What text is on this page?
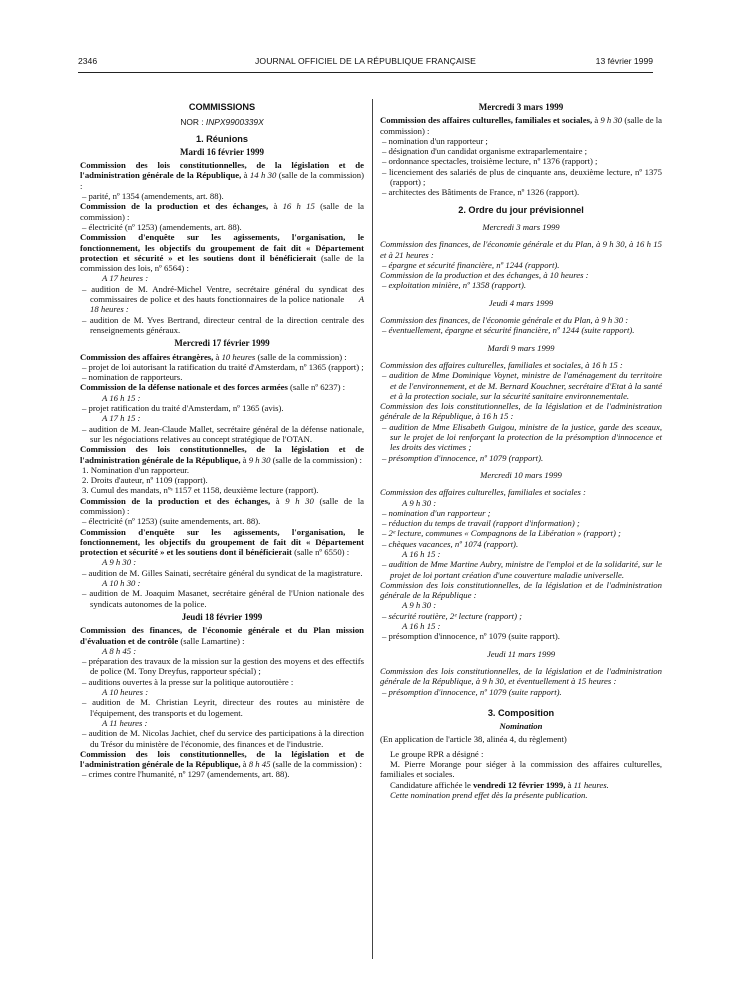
2346	JOURNAL OFFICIEL DE LA RÉPUBLIQUE FRANÇAISE	13 février 1999
COMMISSIONS
NOR : INPX9900339X
1. Réunions
Mardi 16 février 1999

Commission des lois constitutionnelles, de la législation et de l'administration générale de la République, à 14 h 30 (salle de la commission) :

– parité, nº 1354 (amendements, art. 88).

Commission de la production et des échanges, à 16 h 15 (salle de la commission) :

– électricité (nº 1253) (amendements, art. 88).

Commission d'enquête sur les agissements, l'organisation, le fonctionnement, les objectifs du groupement de fait dit « Département protection et sécurité » et les soutiens dont il bénéficierait (salle de la commission des lois, nº 6564) :

A 17 heures :

– audition de M. André-Michel Ventre, secrétaire général du syndicat des commissaires de police et des hauts fonctionnaires de la police nationale A 18 heures :

– audition de M. Yves Bertrand, directeur central de la direction centrale des renseignements généraux.

Mercredi 17 février 1999

Commission des affaires étrangères, à 10 heures (salle de la commission) :

– projet de loi autorisant la ratification du traité d'Amsterdam, nº 1365 (rapport) ;

– nomination de rapporteurs.

Commission de la défense nationale et des forces armées (salle nº 6237) :

A 16 h 15 :

– projet ratification du traité d'Amsterdam, nº 1365 (avis).

A 17 h 15 :

– audition de M. Jean-Claude Mallet, secrétaire général de la défense nationale, sur les négociations relatives au concept stratégique de l'OTAN.

Commission des lois constitutionnelles, de la législation et de l'administration générale de la République, à 9 h 30 (salle de la commission) :

1. Nomination d'un rapporteur.

2. Droits d'auteur, nº 1109 (rapport).

3. Cumul des mandats, nºˢ 1157 et 1158, deuxième lecture (rapport).

Commission de la production et des échanges, à 9 h 30 (salle de la commission) :

– électricité (nº 1253) (suite amendements, art. 88).

Commission d'enquête sur les agissements, l'organisation, le fonctionnement, les objectifs du groupement de fait dit « Département protection et sécurité » et les soutiens dont il bénéficierait (salle nº 6550) :

A 9 h 30 :

– audition de M. Gilles Sainati, secrétaire général du syndicat de la magistrature.

A 10 h 30 :

– audition de M. Joaquim Masanet, secrétaire général de l'Union nationale des syndicats autonomes de la police.

Jeudi 18 février 1999

Commission des finances, de l'économie générale et du Plan mission d'évaluation et de contrôle (salle Lamartine) :

A 8 h 45 :

– préparation des travaux de la mission sur la gestion des moyens et des effectifs de police (M. Tony Dreyfus, rapporteur spécial) ;

– auditions ouvertes à la presse sur la politique autoroutière :

A 10 heures :

– audition de M. Christian Leyrit, directeur des routes au ministère de l'équipement, des transports et du logement.

A 11 heures :

– audition de M. Nicolas Jachiet, chef du service des participations à la direction du Trésor du ministère de l'économie, des finances et de l'industrie.

Commission des lois constitutionnelles, de la législation et de l'administration générale de la République, à 8 h 45 (salle de la commission) :

– crimes contre l'humanité, nº 1297 (amendements, art. 88).

Mercredi 3 mars 1999

Commission des affaires culturelles, familiales et sociales, à 9 h 30 (salle de la commission) :

– nomination d'un rapporteur ;

– désignation d'un candidat organisme extraparlementaire ;

– ordonnance spectacles, troisième lecture, nº 1376 (rapport) ;

– licenciement des salariés de plus de cinquante ans, deuxième lecture, nº 1375 (rapport) ;

– architectes des Bâtiments de France, nº 1326 (rapport).

2. Ordre du jour prévisionnel
Mercredi 3 mars 1999

Commission des finances, de l'économie générale et du Plan, à 9 h 30, à 16 h 15 et à 21 heures :

– épargne et sécurité financière, nº 1244 (rapport).

Commission de la production et des échanges, à 10 heures :

– exploitation minière, nº 1358 (rapport).

Jeudi 4 mars 1999

Commission des finances, de l'économie générale et du Plan, à 9 h 30 :

– éventuellement, épargne et sécurité financière, nº 1244 (suite rapport).

Mardi 9 mars 1999

Commission des affaires culturelles, familiales et sociales, à 16 h 15 :

– audition de Mme Dominique Voynet, ministre de l'aménagement du territoire et de l'environnement, et de M. Bernard Kouchner, secrétaire d'Etat à la santé et à la protection sociale, sur la sécurité sanitaire environnementale.

Commission des lois constitutionnelles, de la législation et de l'administration générale de la République, à 16 h 15 :

– audition de Mme Elisabeth Guigou, ministre de la justice, garde des sceaux, sur le projet de loi renforçant la protection de la présomption d'innocence et les droits des victimes ;

– présomption d'innocence, nº 1079 (rapport).

Mercredi 10 mars 1999

Commission des affaires culturelles, familiales et sociales :

A 9 h 30 :

– nomination d'un rapporteur ;

– réduction du temps de travail (rapport d'information) ;

– 2ᵉ lecture, communes « Compagnons de la Libération » (rapport) ;

– chèques vacances, nº 1074 (rapport).

A 16 h 15 :

– audition de Mme Martine Aubry, ministre de l'emploi et de la solidarité, sur le projet de loi portant création d'une couverture maladie universelle.

Commission des lois constitutionnelles, de la législation et de l'administration générale de la République :

A 9 h 30 :

– sécurité routière, 2ᵉ lecture (rapport) ;

A 16 h 15 :

– présomption d'innocence, nº 1079 (suite rapport).

Jeudi 11 mars 1999

Commission des lois constitutionnelles, de la législation et de l'administration générale de la République, à 9 h 30, et éventuellement à 15 heures :

– présomption d'innocence, nº 1079 (suite rapport).

3. Composition
Nomination

(En application de l'article 38, alinéa 4, du règlement)

Le groupe RPR a désigné :

M. Pierre Morange pour siéger à la commission des affaires culturelles, familiales et sociales.

Candidature affichée le vendredi 12 février 1999, à 11 heures.

Cette nomination prend effet dès la présente publication.
